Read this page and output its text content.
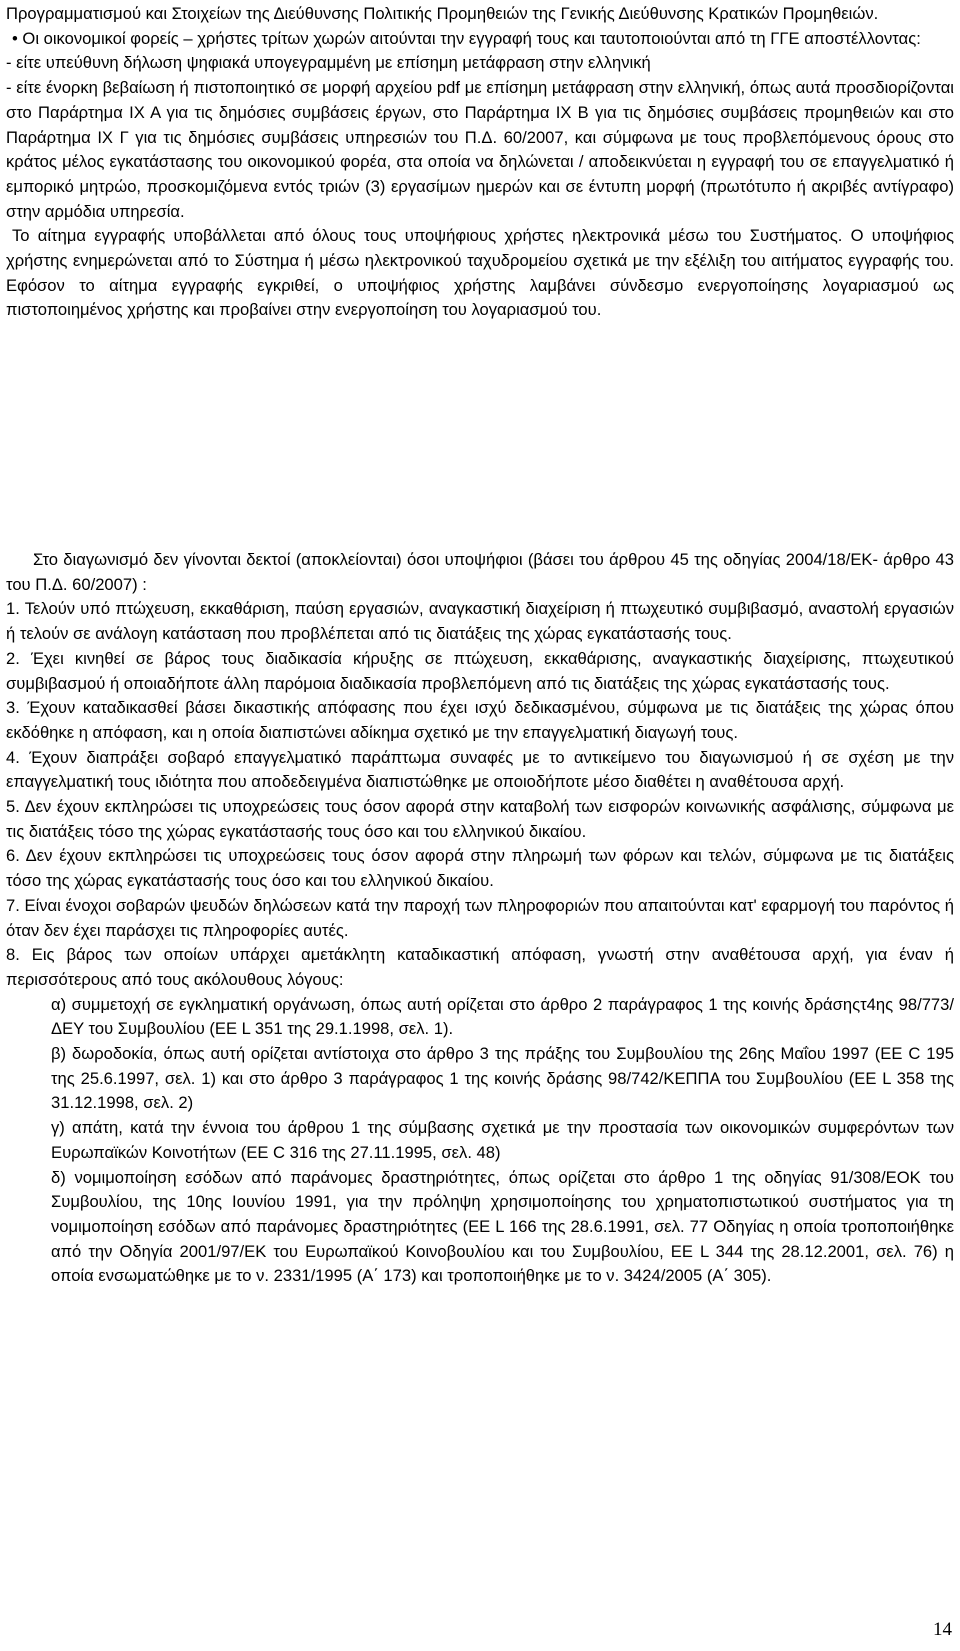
Προγραμματισμού και Στοιχείων της Διεύθυνσης Πολιτικής Προμηθειών της Γενικής Διεύθυνσης Κρατικών Προμηθειών.

• Οι οικονομικοί φορείς – χρήστες τρίτων χωρών αιτούνται την εγγραφή τους και ταυτοποιούνται από τη ΓΓΕ αποστέλλοντας:

- είτε υπεύθυνη δήλωση ψηφιακά υπογεγραμμένη με επίσημη μετάφραση στην ελληνική

- είτε ένορκη βεβαίωση ή πιστοποιητικό σε μορφή αρχείου pdf με επίσημη μετάφραση στην ελληνική, όπως αυτά προσδιορίζονται στο Παράρτημα ΙΧ Α για τις δημόσιες συμβάσεις έργων, στο Παράρτημα ΙΧ Β για τις δημόσιες συμβάσεις προμηθειών και στο Παράρτημα ΙΧ Γ για τις δημόσιες συμβάσεις υπηρεσιών του Π.Δ. 60/2007, και σύμφωνα με τους προβλεπόμενους όρους στο κράτος μέλος εγκατάστασης του οικονομικού φορέα, στα οποία να δηλώνεται / αποδεικνύεται η εγγραφή του σε επαγγελματικό ή εμπορικό μητρώο, προσκομιζόμενα εντός τριών (3) εργασίμων ημερών και σε έντυπη μορφή (πρωτότυπο ή ακριβές αντίγραφο) στην αρμόδια υπηρεσία.

Το αίτημα εγγραφής υποβάλλεται από όλους τους υποψήφιους χρήστες ηλεκτρονικά μέσω του Συστήματος. Ο υποψήφιος χρήστης ενημερώνεται από το Σύστημα ή μέσω ηλεκτρονικού ταχυδρομείου σχετικά με την εξέλιξη του αιτήματος εγγραφής του. Εφόσον το αίτημα εγγραφής εγκριθεί, ο υποψήφιος χρήστης λαμβάνει σύνδεσμο ενεργοποίησης λογαριασμού ως πιστοποιημένος χρήστης και προβαίνει στην ενεργοποίηση του λογαριασμού του.

Στο διαγωνισμό δεν γίνονται δεκτοί (αποκλείονται) όσοι υποψήφιοι (βάσει του άρθρου 45 της οδηγίας 2004/18/ΕΚ- άρθρο 43 του Π.Δ. 60/2007) :

1. Τελούν υπό πτώχευση, εκκαθάριση, παύση εργασιών, αναγκαστική διαχείριση ή πτωχευτικό συμβιβασμό, αναστολή εργασιών ή τελούν σε ανάλογη κατάσταση που προβλέπεται από τις διατάξεις της χώρας εγκατάστασής τους.

2. Έχει κινηθεί σε βάρος τους διαδικασία κήρυξης σε πτώχευση, εκκαθάρισης, αναγκαστικής διαχείρισης, πτωχευτικού συμβιβασμού ή οποιαδήποτε άλλη παρόμοια διαδικασία προβλεπόμενη από τις διατάξεις της χώρας εγκατάστασής τους.

3. Έχουν καταδικασθεί βάσει δικαστικής απόφασης που έχει ισχύ δεδικασμένου, σύμφωνα με τις διατάξεις της χώρας όπου εκδόθηκε η απόφαση, και η οποία διαπιστώνει αδίκημα σχετικό με την επαγγελματική διαγωγή τους.

4. Έχουν διαπράξει σοβαρό επαγγελματικό παράπτωμα συναφές με το αντικείμενο του διαγωνισμού ή σε σχέση με την επαγγελματική τους ιδιότητα που αποδεδειγμένα διαπιστώθηκε με οποιοδήποτε μέσο διαθέτει η αναθέτουσα αρχή.

5. Δεν έχουν εκπληρώσει τις υποχρεώσεις τους όσον αφορά στην καταβολή των εισφορών κοινωνικής ασφάλισης, σύμφωνα με τις διατάξεις τόσο της χώρας εγκατάστασής τους όσο και του ελληνικού δικαίου.

6. Δεν έχουν εκπληρώσει τις υποχρεώσεις τους όσον αφορά στην πληρωμή των φόρων και τελών, σύμφωνα με τις διατάξεις τόσο της χώρας εγκατάστασής τους όσο και του ελληνικού δικαίου.

7. Είναι ένοχοι σοβαρών ψευδών δηλώσεων κατά την παροχή των πληροφοριών που απαιτούνται κατ' εφαρμογή του παρόντος ή όταν δεν έχει παράσχει τις πληροφορίες αυτές.

8. Εις βάρος των οποίων υπάρχει αμετάκλητη καταδικαστική απόφαση, γνωστή στην αναθέτουσα αρχή, για έναν ή περισσότερους από τους ακόλουθους λόγους:

α) συμμετοχή σε εγκληματική οργάνωση, όπως αυτή ορίζεται στο άρθρο 2 παράγραφος 1 της κοινής δράσηςτ4ης 98/773/ΔΕΥ του Συμβουλίου (EE L 351 της 29.1.1998, σελ. 1).

β) δωροδοκία, όπως αυτή ορίζεται αντίστοιχα στο άρθρο 3 της πράξης του Συμβουλίου της 26ης Μαΐου 1997 (ΕΕ C 195 της 25.6.1997, σελ. 1) και στο άρθρο 3 παράγραφος 1 της κοινής δράσης 98/742/ΚΕΠΠΑ του Συμβουλίου (ΕΕ L 358 της 31.12.1998, σελ. 2)

γ) απάτη, κατά την έννοια του άρθρου 1 της σύμβασης σχετικά με την προστασία των οικονομικών συμφερόντων των Ευρωπαϊκών Κοινοτήτων (ΕΕ C 316 της 27.11.1995, σελ. 48)

δ) νομιμοποίηση εσόδων από παράνομες δραστηριότητες, όπως ορίζεται στο άρθρο 1 της οδηγίας 91/308/ΕΟΚ του Συμβουλίου, της 10ης Ιουνίου 1991, για την πρόληψη χρησιμοποίησης του χρηματοπιστωτικού συστήματος για τη νομιμοποίηση εσόδων από παράνομες δραστηριότητες (ΕΕ L 166 της 28.6.1991, σελ. 77 Οδηγίας η οποία τροποποιήθηκε από την Οδηγία 2001/97/ΕΚ του Ευρωπαϊκού Κοινοβουλίου και του Συμβουλίου, ΕΕ L 344 της 28.12.2001, σελ. 76) η οποία ενσωματώθηκε με το ν. 2331/1995 (Α΄ 173) και τροποποιήθηκε με το ν. 3424/2005 (Α΄ 305).

14
